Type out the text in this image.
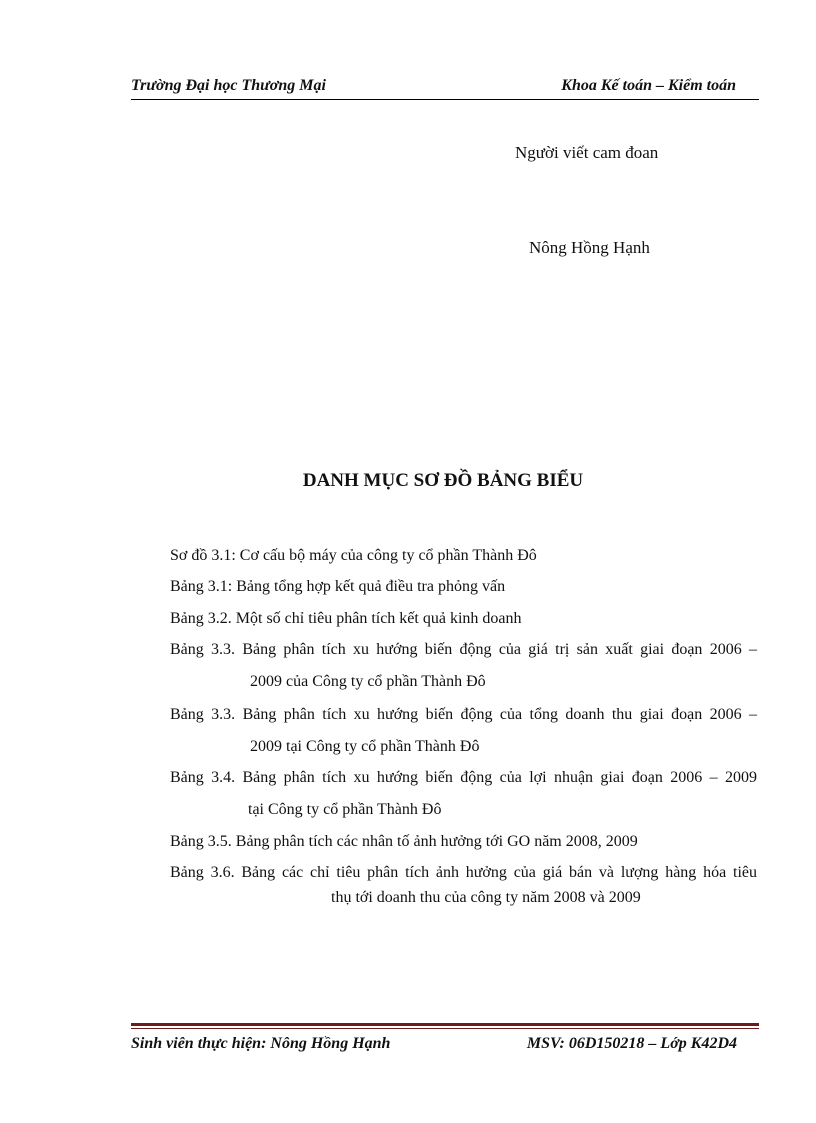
Trường Đại học Thương Mại	Khoa Kế toán – Kiểm toán
Người viết cam đoan
Nông Hồng Hạnh
DANH MỤC SƠ ĐỒ BẢNG BIỂU
Sơ đồ 3.1: Cơ cấu bộ máy của công ty cổ phần Thành Đô
Bảng 3.1: Bảng tổng hợp kết quả điều tra phỏng vấn
Bảng 3.2. Một số chỉ tiêu phân tích kết quả kinh doanh
Bảng 3.3. Bảng phân tích xu hướng biến động của giá trị sản xuất giai đoạn 2006 –
2009 của Công ty cổ phần Thành Đô
Bảng 3.3. Bảng phân tích xu hướng biến động của tổng doanh thu giai đoạn 2006 –
2009 tại Công ty cổ phần Thành Đô
Bảng 3.4. Bảng phân tích xu hướng biến động của lợi nhuận giai đoạn 2006 – 2009
tại Công ty cổ phần Thành Đô
Bảng 3.5. Bảng phân tích các nhân tố ảnh hưởng tới GO năm 2008, 2009
Bảng 3.6. Bảng các chỉ tiêu phân tích ảnh hưởng của giá bán và lượng hàng hóa tiêu
thụ tới doanh thu của công ty năm 2008 và 2009
Sinh viên thực hiện: Nông Hồng Hạnh	MSV: 06D150218 – Lớp K42D4
